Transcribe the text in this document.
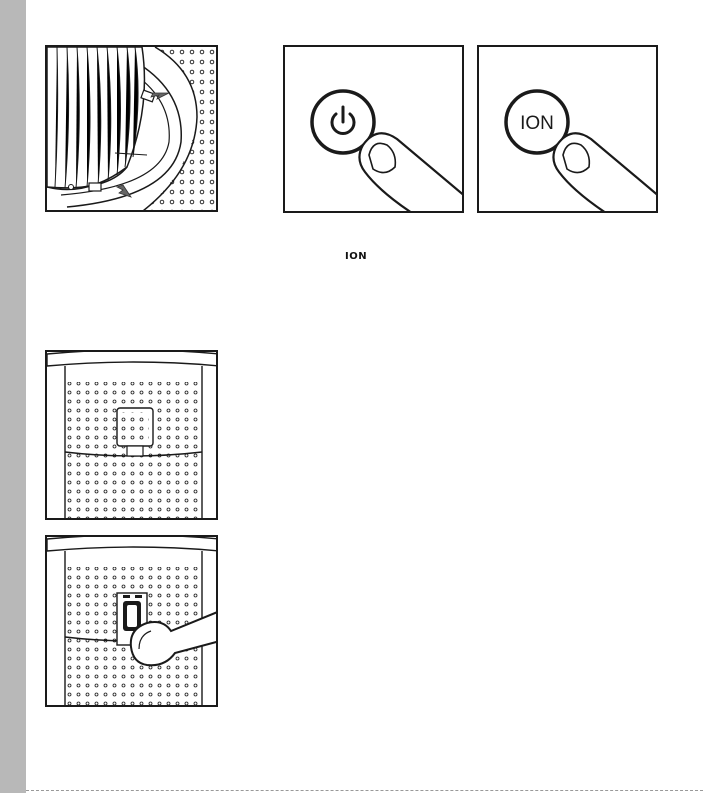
ION
ION
